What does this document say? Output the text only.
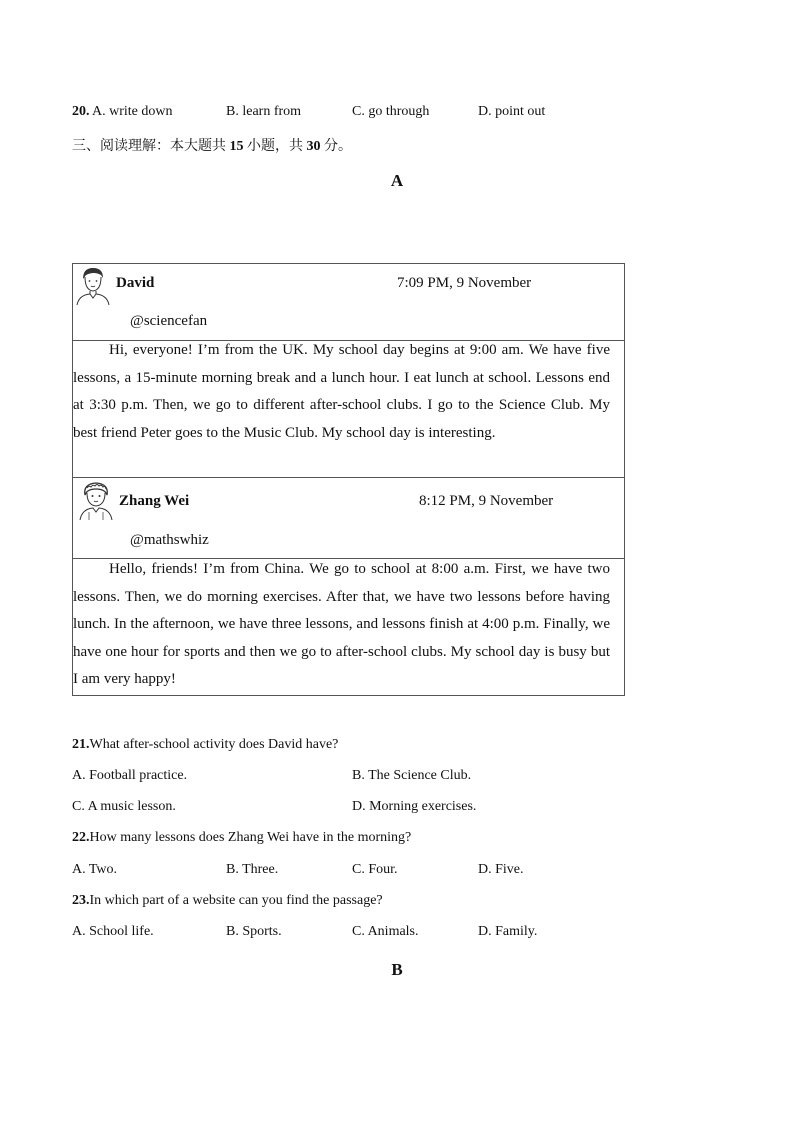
20. A. write down	B. learn from	C. go through	D. point out
三、阅读理解：本大题共 15 小题，共 30 分。
A
David	7:09 PM, 9 November
@sciencefan
Hi, everyone! I’m from the UK. My school day begins at 9:00 am. We have five lessons, a 15-minute morning break and a lunch hour. I eat lunch at school. Lessons end at 3:30 p.m. Then, we go to different after-school clubs. I go to the Science Club. My best friend Peter goes to the Music Club. My school day is interesting.
Zhang Wei	8:12 PM, 9 November
@mathswhiz
Hello, friends! I’m from China. We go to school at 8:00 a.m. First, we have two lessons. Then, we do morning exercises. After that, we have two lessons before having lunch. In the afternoon, we have three lessons, and lessons finish at 4:00 p.m. Finally, we have one hour for sports and then we go to after-school clubs. My school day is busy but I am very happy!
21.What after-school activity does David have?
A. Football practice.	B. The Science Club.
C. A music lesson.	D. Morning exercises.
22.How many lessons does Zhang Wei have in the morning?
A. Two.	B. Three.	C. Four.	D. Five.
23.In which part of a website can you find the passage?
A. School life.	B. Sports.	C. Animals.	D. Family.
B
